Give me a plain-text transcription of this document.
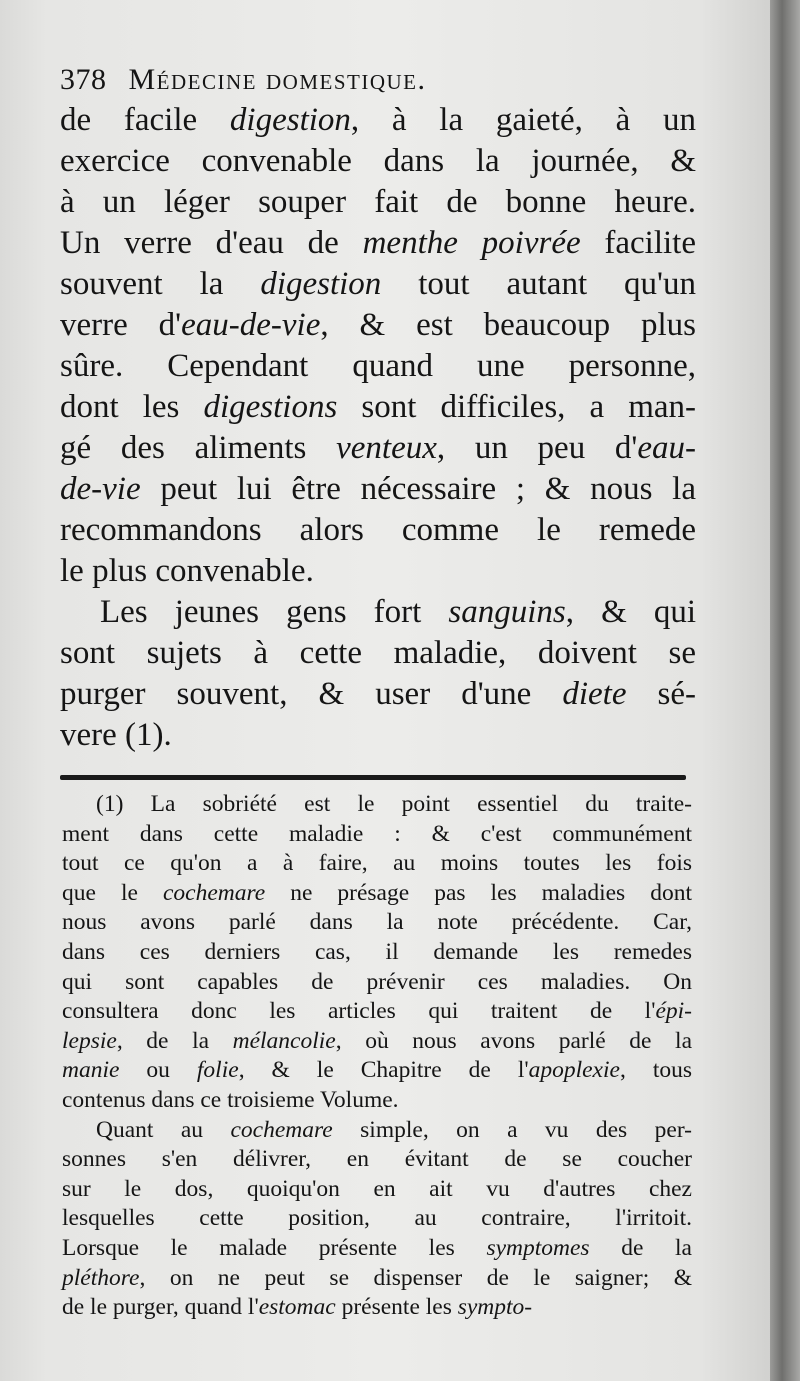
378 Médecine domestique.
de facile digestion, à la gaieté, à un
exercice convenable dans la journée, &
à un léger souper fait de bonne heure.
Un verre d'eau de menthe poivrée facilite
souvent la digestion tout autant qu'un
verre d'eau-de-vie, & est beaucoup plus
sûre. Cependant quand une personne,
dont les digestions sont difficiles, a man-
gé des aliments venteux, un peu d'eau-
de-vie peut lui être nécessaire ; & nous la
recommandons alors comme le remede
le plus convenable.
Les jeunes gens fort sanguins, & qui
sont sujets à cette maladie, doivent se
purger souvent, & user d'une diete sé-
vere (1).
(1) La sobriété est le point essentiel du traite-
ment dans cette maladie : & c'est communément
tout ce qu'on a à faire, au moins toutes les fois
que le cochemare ne présage pas les maladies dont
nous avons parlé dans la note précédente. Car,
dans ces derniers cas, il demande les remedes
qui sont capables de prévenir ces maladies. On
consultera donc les articles qui traitent de l'épi-
lepsie, de la mélancolie, où nous avons parlé de la
manie ou folie, & le Chapitre de l'apoplexie, tous
contenus dans ce troisieme Volume.
Quant au cochemare simple, on a vu des per-
sonnes s'en délivrer, en évitant de se coucher
sur le dos, quoiqu'on en ait vu d'autres chez
lesquelles cette position, au contraire, l'irritoit.
Lorsque le malade présente les symptomes de la
pléthore, on ne peut se dispenser de le saigner; &
de le purger, quand l'estomac présente les sympto-
